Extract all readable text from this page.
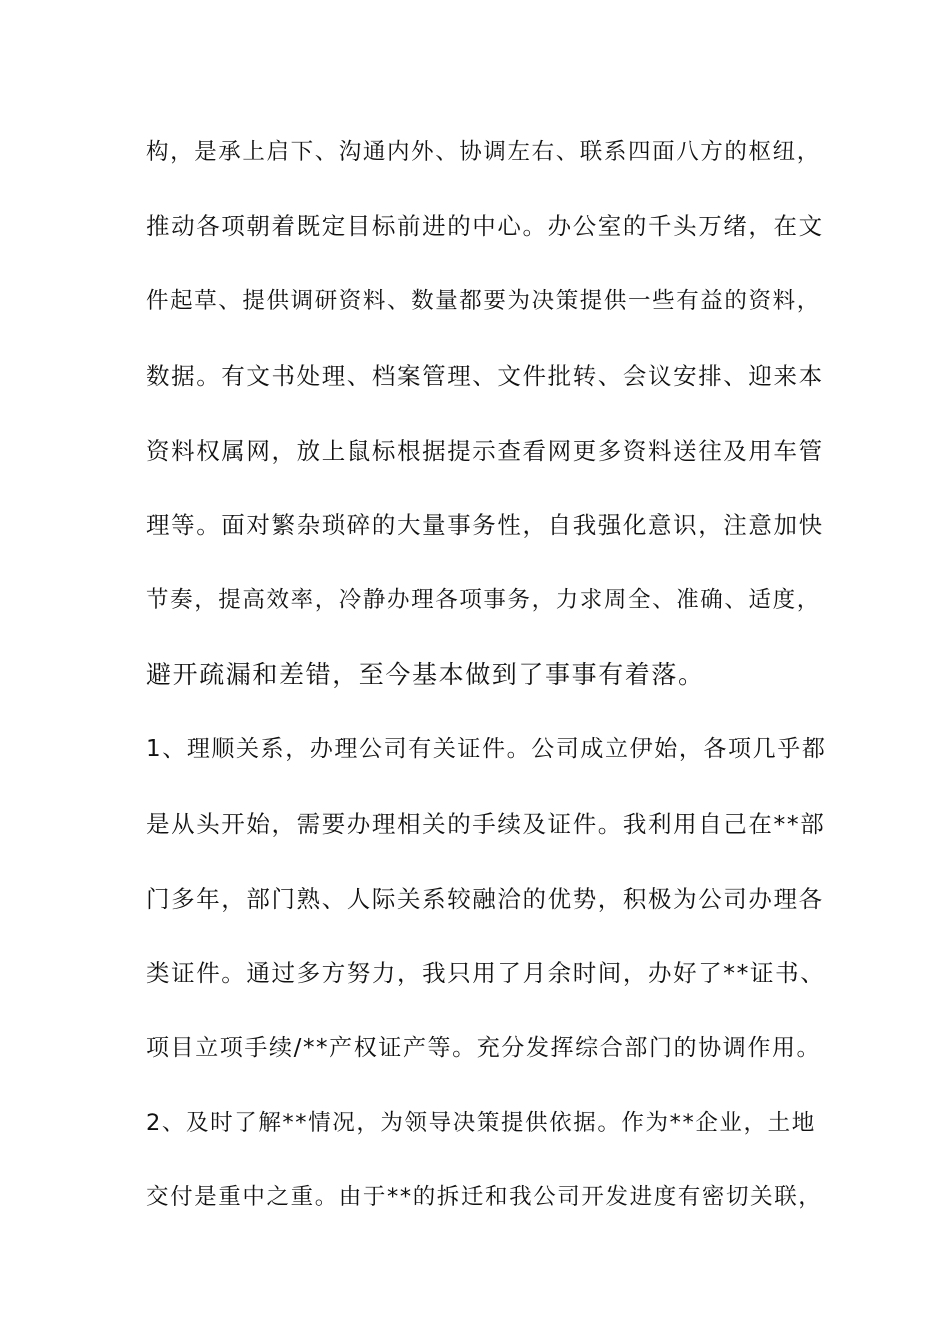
构，是承上启下、沟通内外、协调左右、联系四面八方的枢纽，
推动各项朝着既定目标前进的中心。办公室的千头万绪，在文
件起草、提供调研资料、数量都要为决策提供一些有益的资料，
数据。有文书处理、档案管理、文件批转、会议安排、迎来本
资料权属网，放上鼠标根据提示查看网更多资料送往及用车管
理等。面对繁杂琐碎的大量事务性，自我强化意识，注意加快
节奏，提高效率，冷静办理各项事务，力求周全、准确、适度，
避开疏漏和差错，至今基本做到了事事有着落。
1、理顺关系，办理公司有关证件。公司成立伊始，各项几乎都
是从头开始，需要办理相关的手续及证件。我利用自己在**部
门多年，部门熟、人际关系较融洽的优势，积极为公司办理各
类证件。通过多方努力，我只用了月余时间，办好了**证书、
项目立项手续/**产权证产等。充分发挥综合部门的协调作用。
2、及时了解**情况，为领导决策提供依据。作为**企业，土地
交付是重中之重。由于**的拆迁和我公司开发进度有密切关联，
